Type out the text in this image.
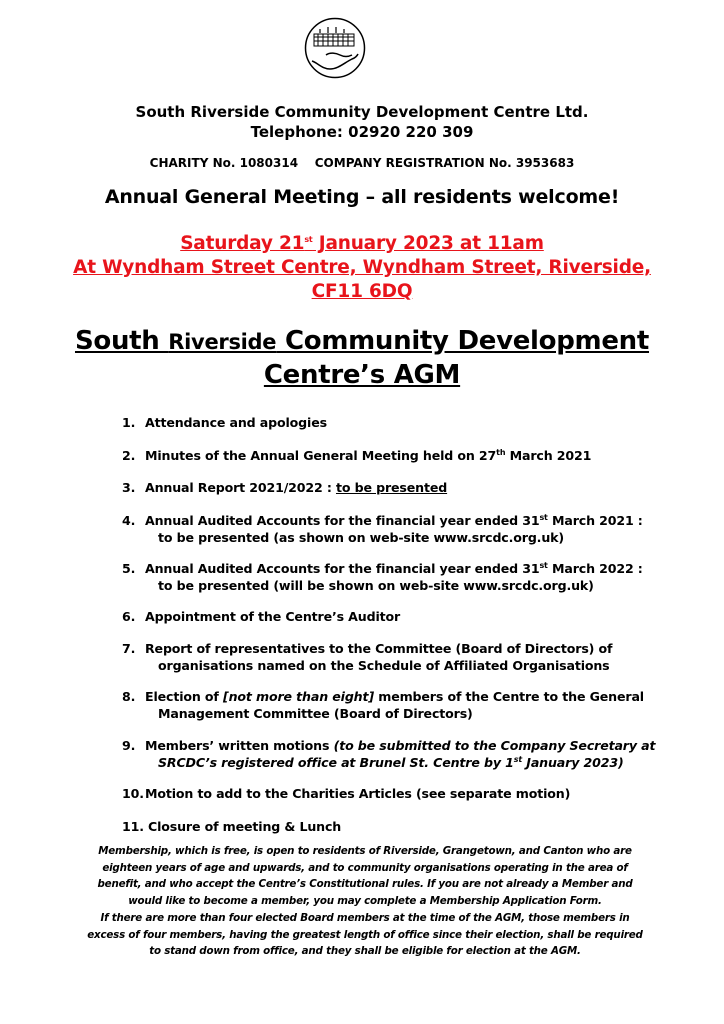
South Riverside Community Development Centre Ltd.
Telephone: 02920 220 309
CHARITY No. 1080314    COMPANY REGISTRATION No. 3953683
Annual General Meeting – all residents welcome!
Saturday 21st January 2023 at 11am
At Wyndham Street Centre, Wyndham Street, Riverside,
CF11 6DQ
South Riverside Community Development
Centre’s AGM
1. Attendance and apologies
2. Minutes of the Annual General Meeting held on 27th March 2021
3. Annual Report 2021/2022 : to be presented
4. Annual Audited Accounts for the financial year ended 31st March 2021 :
to be presented (as shown on web-site www.srcdc.org.uk)
5. Annual Audited Accounts for the financial year ended 31st March 2022 :
to be presented (will be shown on web-site www.srcdc.org.uk)
6. Appointment of the Centre’s Auditor
7. Report of representatives to the Committee (Board of Directors) of
organisations named on the Schedule of Affiliated Organisations
8. Election of [not more than eight] members of the Centre to the General
Management Committee (Board of Directors)
9. Members’ written motions (to be submitted to the Company Secretary at
SRCDC’s registered office at Brunel St. Centre by 1st January 2023)
10.Motion to add to the Charities Articles (see separate motion)
11. Closure of meeting & Lunch
Membership, which is free, is open to residents of Riverside, Grangetown, and Canton who are
eighteen years of age and upwards, and to community organisations operating in the area of
benefit, and who accept the Centre’s Constitutional rules. If you are not already a Member and
would like to become a member, you may complete a Membership Application Form.
If there are more than four elected Board members at the time of the AGM, those members in
excess of four members, having the greatest length of office since their election, shall be required
to stand down from office, and they shall be eligible for election at the AGM.
